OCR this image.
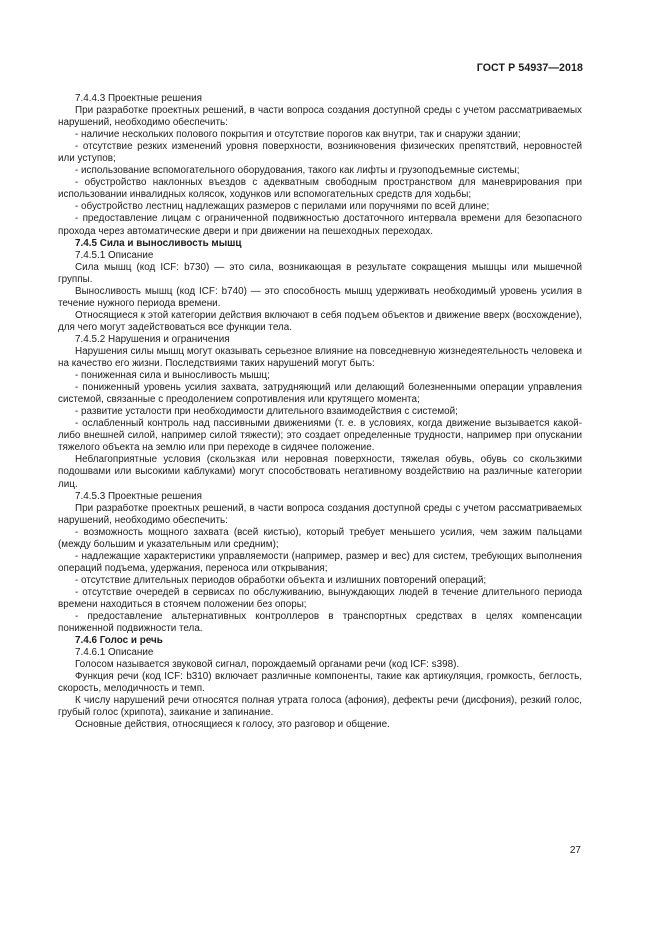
ГОСТ Р 54937—2018

7.4.4.3 Проектные решения

При разработке проектных решений, в части вопроса создания доступной среды с учетом рассматриваемых нарушений, необходимо обеспечить:

- наличие нескольких полового покрытия и отсутствие порогов как внутри, так и снаружи здании;

- отсутствие резких изменений уровня поверхности, возникновения физических препятствий, неровностей или уступов;

- использование вспомогательного оборудования, такого как лифты и грузоподъемные системы;

- обустройство наклонных въездов с адекватным свободным пространством для маневрирования при использовании инвалидных колясок, ходунков или вспомогательных средств для ходьбы;

- обустройство лестниц надлежащих размеров с перилами или поручнями по всей длине;

- предоставление лицам с ограниченной подвижностью достаточного интервала времени для безопасного прохода через автоматические двери и при движении на пешеходных переходах.

7.4.5 Сила и выносливость мышц

7.4.5.1 Описание

Сила мышц (код ICF: b730) — это сила, возникающая в результате сокращения мышцы или мышечной группы.

Выносливость мышц (код ICF: b740) — это способность мышц удерживать необходимый уровень усилия в течение нужного периода времени.

Относящиеся к этой категории действия включают в себя подъем объектов и движение вверх (восхождение), для чего могут задействоваться все функции тела.

7.4.5.2 Нарушения и ограничения

Нарушения силы мышц могут оказывать серьезное влияние на повседневную жизнедеятельность человека и на качество его жизни. Последствиями таких нарушений могут быть:

- пониженная сила и выносливость мышц;

- пониженный уровень усилия захвата, затрудняющий или делающий болезненными операции управления системой, связанные с преодолением сопротивления или крутящего момента;

- развитие усталости при необходимости длительного взаимодействия с системой;

- ослабленный контроль над пассивными движениями (т. е. в условиях, когда движение вызывается какой-либо внешней силой, например силой тяжести); это создает определенные трудности, например при опускании тяжелого объекта на землю или при переходе в сидячее положение.

Неблагоприятные условия (скользкая или неровная поверхности, тяжелая обувь, обувь со скользкими подошвами или высокими каблуками) могут способствовать негативному воздействию на различные категории лиц.

7.4.5.3 Проектные решения

При разработке проектных решений, в части вопроса создания доступной среды с учетом рассматриваемых нарушений, необходимо обеспечить:

- возможность мощного захвата (всей кистью), который требует меньшего усилия, чем зажим пальцами (между большим и указательным или средним);

- надлежащие характеристики управляемости (например, размер и вес) для систем, требующих выполнения операций подъема, удержания, переноса или открывания;

- отсутствие длительных периодов обработки объекта и излишних повторений операций;

- отсутствие очередей в сервисах по обслуживанию, вынуждающих людей в течение длительного периода времени находиться в стоячем положении без опоры;

- предоставление альтернативных контроллеров в транспортных средствах в целях компенсации пониженной подвижности тела.

7.4.6 Голос и речь

7.4.6.1 Описание

Голосом называется звуковой сигнал, порождаемый органами речи (код ICF: s398).

Функция речи (код ICF: b310) включает различные компоненты, такие как артикуляция, громкость, беглость, скорость, мелодичность и темп.

К числу нарушений речи относятся полная утрата голоса (афония), дефекты речи (дисфония), резкий голос, грубый голос (хрипота), заикание и запинание.

Основные действия, относящиеся к голосу, это разговор и общение.

27
